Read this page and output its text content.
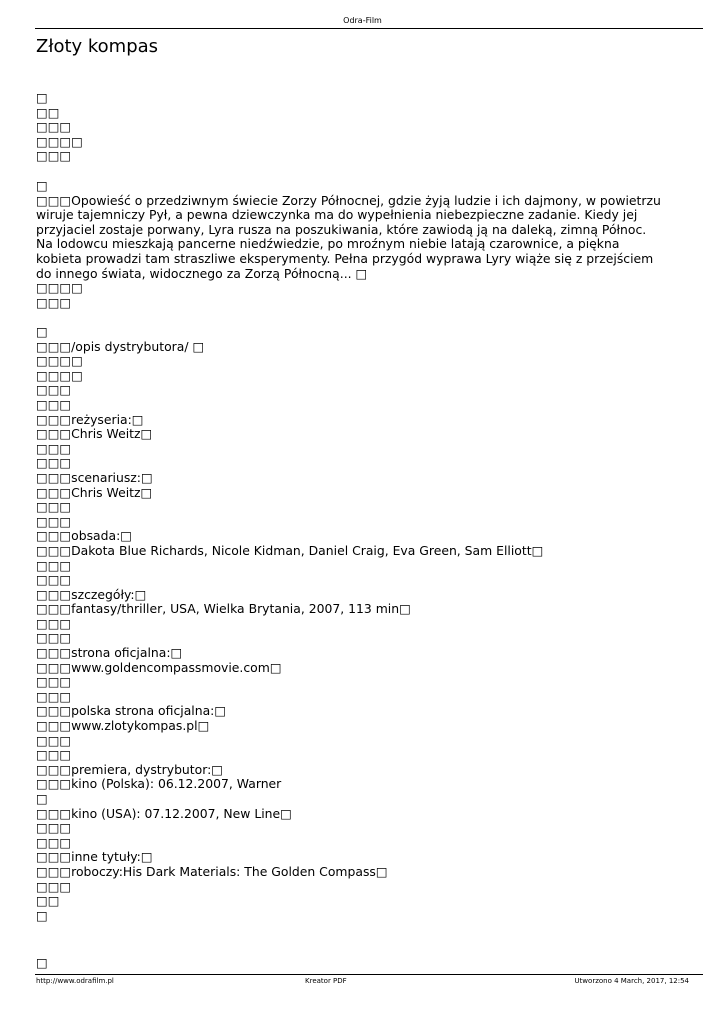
Odra-Film
Złoty kompas
□
□□
□□□
□□□□
□□□
□
□□□Opowieść o przedziwnym świecie Zorzy Północnej, gdzie żyją ludzie i ich dajmony, w powietrzu wiruje tajemniczy Pył, a pewna dziewczynka ma do wypełnienia niebezpieczne zadanie. Kiedy jej przyjaciel zostaje porwany, Lyra rusza na poszukiwania, które zawiodą ją na daleką, zimną Północ. Na lodowcu mieszkają pancerne niedźwiedzie, po mroźnym niebie latają czarownice, a piękna kobieta prowadzi tam straszliwe eksperymenty. Pełna przygód wyprawa Lyry wiąże się z przejściem do innego świata, widocznego za Zorzą Północną... □
□□□□
□□□
□
□□□/opis dystrybutora/ □
□□□□
□□□□
□□□
□□□
□□□reżyseria:□
□□□Chris Weitz□
□□□
□□□
□□□scenariusz:□
□□□Chris Weitz□
□□□
□□□
□□□obsada:□
□□□Dakota Blue Richards, Nicole Kidman, Daniel Craig, Eva Green, Sam Elliott□
□□□
□□□
□□□szczegóły:□
□□□fantasy/thriller, USA, Wielka Brytania, 2007, 113 min□
□□□
□□□
□□□strona oficjalna:□
□□□www.goldencompassmovie.com□
□□□
□□□
□□□polska strona oficjalna:□
□□□www.zlotykompas.pl□
□□□
□□□
□□□premiera, dystrybutor:□
□□□kino (Polska): 06.12.2007, Warner
□
□□□kino (USA): 07.12.2007, New Line□
□□□
□□□
□□□inne tytuły:□
□□□roboczy:His Dark Materials: The Golden Compass□
□□□
□□
□
□
http://www.odrafilm.pl	Kreator PDF	Utworzono 4 March, 2017, 12:54
